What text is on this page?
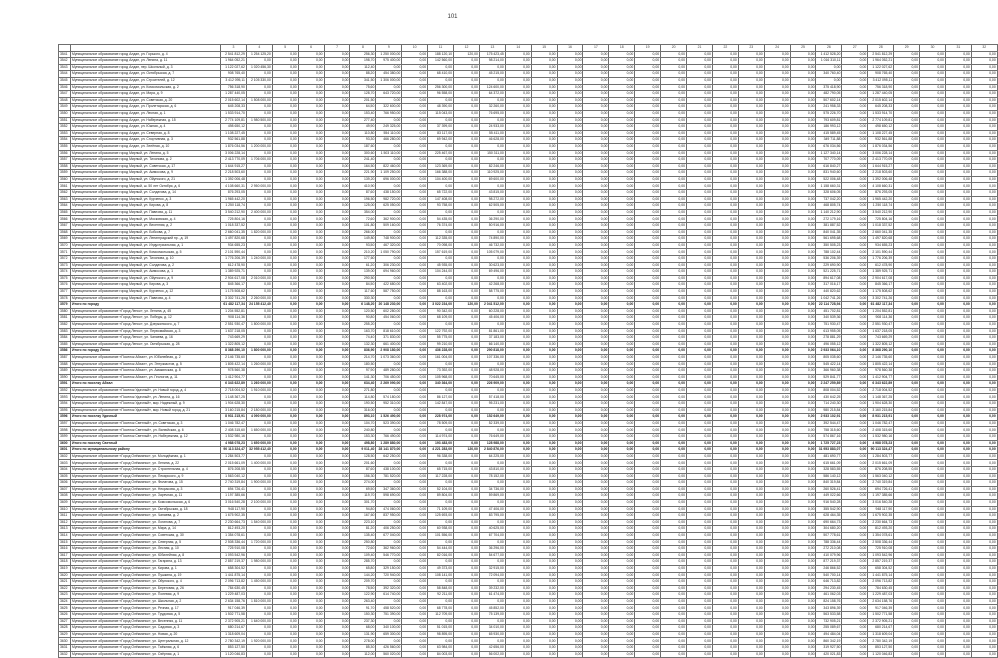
101
		3	4	5	6	7	8	9	10	11	12	13	14	15	16	17	18	19	20	21	22	23	24	25	26	27	28	29	30	31	32
3541	Муниципальное образование город Алдан, ул. Горького, д. 4	2 541 812,29	1 254 125,20	0,00	0,00	0,00	256,30	1 250 000,00	0,00	188 120,10	120,00	175 423,45	0,00	0,00	0,00	0,00	0,00	0,00	0,00	0,00	0,00	0,00	0,00	0,00	1 412 528,20	0,00	2 541 812,29	0,00	0,00	0,00	0,00
3542	Муниципальное образование город Алдан, ул. Ленина, д. 11	1 964 052,21	0,00	0,00	0,00	0,00	198,70	975 400,00	0,00	142 560,00	0,00	98 214,00	0,00	0,00	0,00	0,00	0,00	0,00	0,00	0,00	0,00	0,00	0,00	0,00	1 016 310,11	0,00	1 964 052,21	0,00	0,00	0,00	0,00
3543	Муниципальное образование город Алдан, пер. Школьный, д. 3	1 122 027,62	1 020 456,30	0,00	0,00	0,00	112,40	0,00	0,00	0,00	0,00	0,00	0,00	0,00	0,00	0,00	0,00	0,00	0,00	0,00	0,00	0,00	0,00	0,00	0,00	0,00	1 122 027,62	0,00	0,00	0,00	0,00
3544	Муниципальное образование город Алдан, ул. Октябрьская, д. 7	908 765,40	0,00	0,00	0,00	0,00	88,20	454 380,00	0,00	68 410,00	0,00	45 215,00	0,00	0,00	0,00	0,00	0,00	0,00	0,00	0,00	0,00	0,00	0,00	0,00	340 760,40	0,00	908 765,40	0,00	0,00	0,00	0,00
3545	Муниципальное образование город Алдан, ул. Строителей, д. 12	3 412 095,11	2 105 330,00	0,00	0,00	0,00	341,50	1 306 000,00	0,00	0,00	0,00	0,00	0,00	0,00	0,00	0,00	0,00	0,00	0,00	0,00	0,00	0,00	0,00	0,00	0,00	0,00	3 412 095,11	0,00	0,00	0,00	0,00
3546	Муниципальное образование город Алдан, ул. Комсомольская, д. 2	756 318,90	0,00	0,00	0,00	0,00	75,60	0,00	0,00	256 300,00	0,00	124 600,00	0,00	0,00	0,00	0,00	0,00	0,00	0,00	0,00	0,00	0,00	0,00	0,00	375 418,90	0,00	756 318,90	0,00	0,00	0,00	0,00
3547	Муниципальное образование город Алдан, ул. Мира, д. 9	1 287 440,05	0,00	0,00	0,00	0,00	128,70	643 720,00	0,00	96 558,00	0,00	64 372,00	0,00	0,00	0,00	0,00	0,00	0,00	0,00	0,00	0,00	0,00	0,00	0,00	482 790,05	0,00	1 287 440,05	0,00	0,00	0,00	0,00
3548	Муниципальное образование город Алдан, ул. Советская, д. 20	2 015 602,14	1 508 000,00	0,00	0,00	0,00	201,50	0,00	0,00	0,00	0,00	0,00	0,00	0,00	0,00	0,00	0,00	0,00	0,00	0,00	0,00	0,00	0,00	0,00	507 602,14	0,00	2 015 602,14	0,00	0,00	0,00	0,00
3549	Муниципальное образование город Алдан, ул. Пролетарская, д. 6	645 208,33	0,00	0,00	0,00	0,00	64,50	322 600,00	0,00	48 390,00	0,00	32 260,00	0,00	0,00	0,00	0,00	0,00	0,00	0,00	0,00	0,00	0,00	0,00	0,00	241 958,33	0,00	645 208,33	0,00	0,00	0,00	0,00
3550	Муниципальное образование город Алдан, ул. Лесная, д. 1	1 533 914,70	0,00	0,00	0,00	0,00	153,40	766 950,00	0,00	115 043,00	0,00	76 695,00	0,00	0,00	0,00	0,00	0,00	0,00	0,00	0,00	0,00	0,00	0,00	0,00	575 226,70	0,00	1 533 914,70	0,00	0,00	0,00	0,00
3551	Муниципальное образование город Алдан, ул. Набережная, д. 15	2 774 109,81	1 980 500,00	0,00	0,00	0,00	277,40	0,00	0,00	0,00	0,00	0,00	0,00	0,00	0,00	0,00	0,00	0,00	0,00	0,00	0,00	0,00	0,00	0,00	793 609,81	0,00	2 774 109,81	0,00	0,00	0,00	0,00
3552	Муниципальное образование город Алдан, ул. Южная, д. 4	498 650,12	0,00	0,00	0,00	0,00	49,90	249 325,00	0,00	37 399,00	0,00	24 933,00	0,00	0,00	0,00	0,00	0,00	0,00	0,00	0,00	0,00	0,00	0,00	0,00	186 993,12	0,00	498 650,12	0,00	0,00	0,00	0,00
3553	Муниципальное образование город Алдан, ул. Северная, д. 8	1 108 227,45	0,00	0,00	0,00	0,00	110,80	554 110,00	0,00	83 117,00	0,00	55 411,00	0,00	0,00	0,00	0,00	0,00	0,00	0,00	0,00	0,00	0,00	0,00	0,00	415 589,45	0,00	1 108 227,45	0,00	0,00	0,00	0,00
3554	Муниципальное образование город Алдан, ул. Спортивная, д. 3	932 561,88	0,00	0,00	0,00	0,00	93,30	466 280,00	0,00	69 942,00	0,00	46 628,00	0,00	0,00	0,00	0,00	0,00	0,00	0,00	0,00	0,00	0,00	0,00	0,00	349 711,88	0,00	932 561,88	0,00	0,00	0,00	0,00
3555	Муниципальное образование город Алдан, ул. Зелёная, д. 10	1 876 034,56	1 200 000,00	0,00	0,00	0,00	187,60	0,00	0,00	0,00	0,00	0,00	0,00	0,00	0,00	0,00	0,00	0,00	0,00	0,00	0,00	0,00	0,00	0,00	676 034,56	0,00	1 876 034,56	0,00	0,00	0,00	0,00
3556	Муниципальное образование город Мирный, ул. Ленина, д. 5	3 006 228,14	0,00	0,00	0,00	0,00	300,60	1 503 110,00	0,00	225 467,00	0,00	150 311,00	0,00	0,00	0,00	0,00	0,00	0,00	0,00	0,00	0,00	0,00	0,00	0,00	1 127 340,14	0,00	3 006 228,14	0,00	0,00	0,00	0,00
3557	Муниципальное образование город Мирный, ул. Тихонова, д. 2	2 413 770,09	1 706 000,00	0,00	0,00	0,00	241,40	0,00	0,00	0,00	0,00	0,00	0,00	0,00	0,00	0,00	0,00	0,00	0,00	0,00	0,00	0,00	0,00	0,00	707 770,09	0,00	2 413 770,09	0,00	0,00	0,00	0,00
3558	Муниципальное образование город Мирный, ул. Советская, д. 17	1 644 915,27	0,00	0,00	0,00	0,00	164,50	822 460,00	0,00	123 369,00	0,00	82 246,00	0,00	0,00	0,00	0,00	0,00	0,00	0,00	0,00	0,00	0,00	0,00	0,00	616 840,27	0,00	1 644 915,27	0,00	0,00	0,00	0,00
3559	Муниципальное образование город Мирный, ул. Аммосова, д. 9	2 218 503,60	0,00	0,00	0,00	0,00	221,90	1 109 250,00	0,00	166 388,00	0,00	110 925,00	0,00	0,00	0,00	0,00	0,00	0,00	0,00	0,00	0,00	0,00	0,00	0,00	831 940,60	0,00	2 218 503,60	0,00	0,00	0,00	0,00
3560	Муниципальное образование город Мирный, ул. Ойунского, д. 21	1 392 006,48	0,00	0,00	0,00	0,00	139,20	696 000,00	0,00	104 400,00	0,00	69 600,00	0,00	0,00	0,00	0,00	0,00	0,00	0,00	0,00	0,00	0,00	0,00	0,00	522 006,48	0,00	1 392 006,48	0,00	0,00	0,00	0,00
3561	Муниципальное образование город Мирный, ш. 50 лет Октября, д. 6	4 108 660,31	2 950 000,00	0,00	0,00	0,00	410,90	0,00	0,00	0,00	0,00	0,00	0,00	0,00	0,00	0,00	0,00	0,00	0,00	0,00	0,00	0,00	0,00	0,00	1 158 660,31	0,00	4 108 660,31	0,00	0,00	0,00	0,00
3562	Муниципальное образование город Мирный, ул. Солдатова, д. 14	876 293,05	0,00	0,00	0,00	0,00	87,60	438 150,00	0,00	65 722,00	0,00	43 815,00	0,00	0,00	0,00	0,00	0,00	0,00	0,00	0,00	0,00	0,00	0,00	0,00	328 606,05	0,00	876 293,05	0,00	0,00	0,00	0,00
3563	Муниципальное образование город Мирный, ул. Курченко, д. 3	1 965 442,20	0,00	0,00	0,00	0,00	196,50	982 720,00	0,00	147 408,00	0,00	98 272,00	0,00	0,00	0,00	0,00	0,00	0,00	0,00	0,00	0,00	0,00	0,00	0,00	737 042,20	0,00	1 965 442,20	0,00	0,00	0,00	0,00
3564	Муниципальное образование город Мирный, ул. Кирова, д. 8	1 250 118,74	0,00	0,00	0,00	0,00	125,00	625 050,00	0,00	93 758,00	0,00	62 505,00	0,00	0,00	0,00	0,00	0,00	0,00	0,00	0,00	0,00	0,00	0,00	0,00	468 805,74	0,00	1 250 118,74	0,00	0,00	0,00	0,00
3565	Муниципальное образование город Мирный, ул. Павлова, д. 11	3 540 212,90	2 400 000,00	0,00	0,00	0,00	354,00	0,00	0,00	0,00	0,00	0,00	0,00	0,00	0,00	0,00	0,00	0,00	0,00	0,00	0,00	0,00	0,00	0,00	1 140 212,90	0,00	3 540 212,90	0,00	0,00	0,00	0,00
3566	Муниципальное образование город Мирный, ул. Московская, д. 4	725 804,16	0,00	0,00	0,00	0,00	72,60	362 900,00	0,00	54 435,00	0,00	36 290,00	0,00	0,00	0,00	0,00	0,00	0,00	0,00	0,00	0,00	0,00	0,00	0,00	272 179,16	0,00	725 804,16	0,00	0,00	0,00	0,00
3567	Муниципальное образование город Мирный, ул. Весенняя, д. 2	1 018 337,52	0,00	0,00	0,00	0,00	101,80	509 160,00	0,00	76 374,00	0,00	50 916,00	0,00	0,00	0,00	0,00	0,00	0,00	0,00	0,00	0,00	0,00	0,00	0,00	381 887,52	0,00	1 018 337,52	0,00	0,00	0,00	0,00
3568	Муниципальное образование город Мирный, ул. Бобкова, д. 7	2 660 041,35	1 820 000,00	0,00	0,00	0,00	266,00	0,00	0,00	0,00	0,00	0,00	0,00	0,00	0,00	0,00	0,00	0,00	0,00	0,00	0,00	0,00	0,00	0,00	840 041,35	0,00	2 660 041,35	0,00	0,00	0,00	0,00
3569	Муниципальное образование город Мирный, ул. Ленинградский пр., д. 19	1 497 820,68	0,00	0,00	0,00	0,00	149,80	748 900,00	0,00	112 335,00	0,00	74 890,00	0,00	0,00	0,00	0,00	0,00	0,00	0,00	0,00	0,00	0,00	0,00	0,00	561 695,68	0,00	1 497 820,68	0,00	0,00	0,00	0,00
3570	Муниципальное образование город Мирный, ул. Индустриальная, д. 1	934 655,23	0,00	0,00	0,00	0,00	93,50	467 320,00	0,00	70 098,00	0,00	46 732,00	0,00	0,00	0,00	0,00	0,00	0,00	0,00	0,00	0,00	0,00	0,00	0,00	350 505,23	0,00	934 655,23	0,00	0,00	0,00	0,00
3571	Муниципальное образование город Мирный, ул. Комсомольская, д. 5	2 101 590,44	0,00	0,00	0,00	0,00	210,20	1 050 790,00	0,00	157 619,00	0,00	105 079,00	0,00	0,00	0,00	0,00	0,00	0,00	0,00	0,00	0,00	0,00	0,00	0,00	788 102,44	0,00	2 101 590,44	0,00	0,00	0,00	0,00
3572	Муниципальное образование город Мирный, ул. Тихонова, д. 10	1 776 206,39	1 240 000,00	0,00	0,00	0,00	177,60	0,00	0,00	0,00	0,00	0,00	0,00	0,00	0,00	0,00	0,00	0,00	0,00	0,00	0,00	0,00	0,00	0,00	536 206,39	0,00	1 776 206,39	0,00	0,00	0,00	0,00
3573	Муниципальное образование город Мирный, ул. Солдатова, д. 2	612 478,90	0,00	0,00	0,00	0,00	61,20	306 230,00	0,00	45 935,00	0,00	30 623,00	0,00	0,00	0,00	0,00	0,00	0,00	0,00	0,00	0,00	0,00	0,00	0,00	229 690,90	0,00	612 478,90	0,00	0,00	0,00	0,00
3574	Муниципальное образование город Мирный, ул. Аммосова, д. 1	1 389 925,71	0,00	0,00	0,00	0,00	139,00	694 960,00	0,00	104 244,00	0,00	69 496,00	0,00	0,00	0,00	0,00	0,00	0,00	0,00	0,00	0,00	0,00	0,00	0,00	521 225,71	0,00	1 389 925,71	0,00	0,00	0,00	0,00
3575	Муниципальное образование город Мирный, ул. Ойунского, д. 9	2 904 617,08	2 010 000,00	0,00	0,00	0,00	290,50	0,00	0,00	0,00	0,00	0,00	0,00	0,00	0,00	0,00	0,00	0,00	0,00	0,00	0,00	0,00	0,00	0,00	894 617,08	0,00	2 904 617,08	0,00	0,00	0,00	0,00
3576	Муниципальное образование город Мирный, ул. Кирова, д. 3	845 366,17	0,00	0,00	0,00	0,00	84,50	422 680,00	0,00	63 402,00	0,00	42 268,00	0,00	0,00	0,00	0,00	0,00	0,00	0,00	0,00	0,00	0,00	0,00	0,00	317 016,17	0,00	845 366,17	0,00	0,00	0,00	0,00
3577	Муниципальное образование город Мирный, ул. Курченко, д. 12	1 175 508,62	0,00	0,00	0,00	0,00	117,60	587 750,00	0,00	88 163,00	0,00	58 775,00	0,00	0,00	0,00	0,00	0,00	0,00	0,00	0,00	0,00	0,00	0,00	0,00	440 820,62	0,00	1 175 508,62	0,00	0,00	0,00	0,00
3578	Муниципальное образование город Мирный, ул. Павлова, д. 4	3 302 741,26	2 260 000,00	0,00	0,00	0,00	330,30	0,00	0,00	0,00	0,00	0,00	0,00	0,00	0,00	0,00	0,00	0,00	0,00	0,00	0,00	0,00	0,00	0,00	1 042 741,26	0,00	3 302 741,26	0,00	0,00	0,00	0,00
3579	Итого по городу	61 482 117,34	24 155 412,40	0,00	0,00	0,00	6 148,20	20 148 230,00	0,00	3 022 234,00	120,00	2 041 512,00	0,00	0,00	0,00	0,00	0,00	0,00	0,00	0,00	0,00	0,00	0,00	0,00	22 114 728,94	0,00	61 482 117,34	0,00	0,00	0,00	0,00
3580	Муниципальное образование «Город Ленск», ул. Ленина, д. 45	1 204 552,81	0,00	0,00	0,00	0,00	120,50	602 280,00	0,00	90 342,00	0,00	60 228,00	0,00	0,00	0,00	0,00	0,00	0,00	0,00	0,00	0,00	0,00	0,00	0,00	451 702,81	0,00	1 204 552,81	0,00	0,00	0,00	0,00
3581	Муниципальное образование «Город Ленск», ул. Победы, д. 12	908 114,36	0,00	0,00	0,00	0,00	90,80	454 060,00	0,00	68 109,00	0,00	45 406,00	0,00	0,00	0,00	0,00	0,00	0,00	0,00	0,00	0,00	0,00	0,00	0,00	340 539,36	0,00	908 114,36	0,00	0,00	0,00	0,00
3582	Муниципальное образование «Город Ленск», ул. Дзержинского, д. 7	2 551 930,47	1 800 000,00	0,00	0,00	0,00	255,20	0,00	0,00	0,00	0,00	0,00	0,00	0,00	0,00	0,00	0,00	0,00	0,00	0,00	0,00	0,00	0,00	0,00	751 930,47	0,00	2 551 930,47	0,00	0,00	0,00	0,00
3583	Муниципальное образование «Город Ленск», ул. Первомайская, д. 3	1 637 218,05	0,00	0,00	0,00	0,00	163,70	818 610,00	0,00	122 792,00	0,00	81 861,00	0,00	0,00	0,00	0,00	0,00	0,00	0,00	0,00	0,00	0,00	0,00	0,00	613 955,05	0,00	1 637 218,05	0,00	0,00	0,00	0,00
3584	Муниципальное образование «Город Ленск», ул. Чапаева, д. 16	743 669,29	0,00	0,00	0,00	0,00	74,40	371 830,00	0,00	55 775,00	0,00	37 183,00	0,00	0,00	0,00	0,00	0,00	0,00	0,00	0,00	0,00	0,00	0,00	0,00	278 881,29	0,00	743 669,29	0,00	0,00	0,00	0,00
3585	Муниципальное образование «Город Ленск», ул. Октябрьская, д. 28	1 322 805,12	0,00	0,00	0,00	0,00	132,30	661 400,00	0,00	99 210,00	0,00	66 140,00	0,00	0,00	0,00	0,00	0,00	0,00	0,00	0,00	0,00	0,00	0,00	0,00	496 055,12	0,00	1 322 805,12	0,00	0,00	0,00	0,00
3586	Итого по городу Ленск	8 368 290,10	1 800 000,00	0,00	0,00	0,00	836,90	2 908 180,00	0,00	436 228,00	0,00	290 818,00	0,00	0,00	0,00	0,00	0,00	0,00	0,00	0,00	0,00	0,00	0,00	0,00	2 933 064,10	0,00	8 368 290,10	0,00	0,00	0,00	0,00
3587	Муниципальное образование «Поселок Айхал», ул. Юбилейная, д. 2	2 146 735,60	0,00	0,00	0,00	0,00	214,70	1 073 360,00	0,00	161 004,00	0,00	107 336,00	0,00	0,00	0,00	0,00	0,00	0,00	0,00	0,00	0,00	0,00	0,00	0,00	805 035,60	0,00	2 146 735,60	0,00	0,00	0,00	0,00
3588	Муниципальное образование «Поселок Айхал», ул. Энтузиастов, д. 5	1 805 422,14	1 260 000,00	0,00	0,00	0,00	180,50	0,00	0,00	0,00	0,00	0,00	0,00	0,00	0,00	0,00	0,00	0,00	0,00	0,00	0,00	0,00	0,00	0,00	545 422,14	0,00	1 805 422,14	0,00	0,00	0,00	0,00
3589	Муниципальное образование «Поселок Айхал», ул. Амакинская, д. 8	978 560,38	0,00	0,00	0,00	0,00	97,90	489 280,00	0,00	73 392,00	0,00	48 928,00	0,00	0,00	0,00	0,00	0,00	0,00	0,00	0,00	0,00	0,00	0,00	0,00	366 960,38	0,00	978 560,38	0,00	0,00	0,00	0,00
3590	Муниципальное образование «Поселок Айхал», ул. Геологов, д. 11	1 412 904,77	0,00	0,00	0,00	0,00	141,30	706 450,00	0,00	105 968,00	0,00	70 645,00	0,00	0,00	0,00	0,00	0,00	0,00	0,00	0,00	0,00	0,00	0,00	0,00	529 841,77	0,00	1 412 904,77	0,00	0,00	0,00	0,00
3591	Итого по поселку Айхал	6 343 622,89	1 260 000,00	0,00	0,00	0,00	634,40	2 269 090,00	0,00	340 364,00	0,00	226 909,00	0,00	0,00	0,00	0,00	0,00	0,00	0,00	0,00	0,00	0,00	0,00	0,00	2 247 259,89	0,00	6 343 622,89	0,00	0,00	0,00	0,00
3592	Муниципальное образование «Поселок Удачный», ул. Новый город, д. 4	2 718 004,52	1 910 000,00	0,00	0,00	0,00	271,80	0,00	0,00	0,00	0,00	0,00	0,00	0,00	0,00	0,00	0,00	0,00	0,00	0,00	0,00	0,00	0,00	0,00	808 004,52	0,00	2 718 004,52	0,00	0,00	0,00	0,00
3593	Муниципальное образование «Поселок Удачный», ул. Ленина, д. 16	1 148 367,25	0,00	0,00	0,00	0,00	114,80	574 180,00	0,00	86 127,00	0,00	57 418,00	0,00	0,00	0,00	0,00	0,00	0,00	0,00	0,00	0,00	0,00	0,00	0,00	430 642,25	0,00	1 148 367,25	0,00	0,00	0,00	0,00
3594	Муниципальное образование «Поселок Удачный», мкр. Надежный, д. 9	1 904 628,30	0,00	0,00	0,00	0,00	190,50	952 310,00	0,00	142 847,00	0,00	95 231,00	0,00	0,00	0,00	0,00	0,00	0,00	0,00	0,00	0,00	0,00	0,00	0,00	714 240,30	0,00	1 904 628,30	0,00	0,00	0,00	0,00
3595	Муниципальное образование «Поселок Удачный», мкр. Новый город, д. 21	3 160 215,84	2 180 000,00	0,00	0,00	0,00	316,00	0,00	0,00	0,00	0,00	0,00	0,00	0,00	0,00	0,00	0,00	0,00	0,00	0,00	0,00	0,00	0,00	0,00	980 215,84	0,00	3 160 215,84	0,00	0,00	0,00	0,00
3596	Итого по поселку Удачный	8 931 215,91	4 090 000,00	0,00	0,00	0,00	893,10	1 526 490,00	0,00	228 974,00	0,00	152 649,00	0,00	0,00	0,00	0,00	0,00	0,00	0,00	0,00	0,00	0,00	0,00	0,00	2 933 102,91	0,00	8 931 215,91	0,00	0,00	0,00	0,00
3597	Муниципальное образование «Поселок Светлый», ул. Советская, д. 3	1 046 782,47	0,00	0,00	0,00	0,00	104,70	523 390,00	0,00	78 509,00	0,00	52 339,00	0,00	0,00	0,00	0,00	0,00	0,00	0,00	0,00	0,00	0,00	0,00	0,00	392 544,47	0,00	1 046 782,47	0,00	0,00	0,00	0,00
3598	Муниципальное образование «Поселок Светлый», ул. Вилюйская, д. 6	2 408 315,60	1 650 000,00	0,00	0,00	0,00	240,80	0,00	0,00	0,00	0,00	0,00	0,00	0,00	0,00	0,00	0,00	0,00	0,00	0,00	0,00	0,00	0,00	0,00	758 315,60	0,00	2 408 315,60	0,00	0,00	0,00	0,00
3599	Муниципальное образование «Поселок Светлый», ул. Набережная, д. 12	1 532 980,16	0,00	0,00	0,00	0,00	153,30	766 490,00	0,00	114 974,00	0,00	76 649,00	0,00	0,00	0,00	0,00	0,00	0,00	0,00	0,00	0,00	0,00	0,00	0,00	574 867,16	0,00	1 532 980,16	0,00	0,00	0,00	0,00
3600	Итого по поселку Светлый	4 988 078,23	1 650 000,00	0,00	0,00	0,00	498,80	1 289 880,00	0,00	193 483,00	0,00	128 988,00	0,00	0,00	0,00	0,00	0,00	0,00	0,00	0,00	0,00	0,00	0,00	0,00	1 725 727,23	0,00	4 988 078,23	0,00	0,00	0,00	0,00
3601	Итого по муниципальному району	90 113 324,47	32 955 412,40	0,00	0,00	0,00	9 011,40	28 141 870,00	0,00	4 221 283,00	120,00	2 840 876,00	0,00	0,00	0,00	0,00	0,00	0,00	0,00	0,00	0,00	0,00	0,00	0,00	31 953 883,07	0,00	90 113 324,47	0,00	0,00	0,00	0,00
3602	Муниципальное образование «Город Олёкминск», ул. Молодёжная, д. 1	1 284 503,77	0,00	0,00	0,00	0,00	128,50	642 250,00	0,00	96 338,00	0,00	64 225,00	0,00	0,00	0,00	0,00	0,00	0,00	0,00	0,00	0,00	0,00	0,00	0,00	481 690,77	0,00	1 284 503,77	0,00	0,00	0,00	0,00
3603	Муниципальное образование «Город Олёкминск», ул. Ленина, д. 22	2 015 661,09	1 400 000,00	0,00	0,00	0,00	201,60	0,00	0,00	0,00	0,00	0,00	0,00	0,00	0,00	0,00	0,00	0,00	0,00	0,00	0,00	0,00	0,00	0,00	615 661,09	0,00	2 015 661,09	0,00	0,00	0,00	0,00
3604	Муниципальное образование «Город Олёкминск», ул. Строительная, д. 4	876 208,55	0,00	0,00	0,00	0,00	87,60	438 100,00	0,00	65 715,00	0,00	43 810,00	0,00	0,00	0,00	0,00	0,00	0,00	0,00	0,00	0,00	0,00	0,00	0,00	328 583,55	0,00	876 208,55	0,00	0,00	0,00	0,00
3605	Муниципальное образование «Город Олёкминск», ул. Пекарского, д. 9	1 563 040,12	0,00	0,00	0,00	0,00	156,30	781 520,00	0,00	117 228,00	0,00	78 152,00	0,00	0,00	0,00	0,00	0,00	0,00	0,00	0,00	0,00	0,00	0,00	0,00	586 140,12	0,00	1 563 040,12	0,00	0,00	0,00	0,00
3606	Муниципальное образование «Город Олёкминск», ул. Филатова, д. 15	2 740 319,84	1 900 000,00	0,00	0,00	0,00	274,00	0,00	0,00	0,00	0,00	0,00	0,00	0,00	0,00	0,00	0,00	0,00	0,00	0,00	0,00	0,00	0,00	0,00	840 319,84	0,00	2 740 319,84	0,00	0,00	0,00	0,00
3607	Муниципальное образование «Город Олёкминск», ул. Некрасова, д. 3	694 726,41	0,00	0,00	0,00	0,00	69,50	347 360,00	0,00	52 104,00	0,00	34 736,00	0,00	0,00	0,00	0,00	0,00	0,00	0,00	0,00	0,00	0,00	0,00	0,00	260 526,41	0,00	694 726,41	0,00	0,00	0,00	0,00
3608	Муниципальное образование «Город Олёкминск», ул. Заречная, д. 11	1 197 385,66	0,00	0,00	0,00	0,00	119,70	598 690,00	0,00	89 804,00	0,00	59 869,00	0,00	0,00	0,00	0,00	0,00	0,00	0,00	0,00	0,00	0,00	0,00	0,00	449 022,66	0,00	1 197 385,66	0,00	0,00	0,00	0,00
3609	Муниципальное образование «Город Олёкминск», ул. Комсомольская, д. 6	3 016 540,28	2 100 000,00	0,00	0,00	0,00	301,70	0,00	0,00	0,00	0,00	0,00	0,00	0,00	0,00	0,00	0,00	0,00	0,00	0,00	0,00	0,00	0,00	0,00	916 540,28	0,00	3 016 540,28	0,00	0,00	0,00	0,00
3610	Муниципальное образование «Город Олёкминск», ул. Октябрьская, д. 18	948 117,90	0,00	0,00	0,00	0,00	94,80	474 060,00	0,00	71 109,00	0,00	47 406,00	0,00	0,00	0,00	0,00	0,00	0,00	0,00	0,00	0,00	0,00	0,00	0,00	355 542,90	0,00	948 117,90	0,00	0,00	0,00	0,00
3611	Муниципальное образование «Город Олёкминск», ул. Чапаева, д. 2	1 675 902,35	0,00	0,00	0,00	0,00	167,60	837 950,00	0,00	125 693,00	0,00	83 795,00	0,00	0,00	0,00	0,00	0,00	0,00	0,00	0,00	0,00	0,00	0,00	0,00	628 464,35	0,00	1 675 902,35	0,00	0,00	0,00	0,00
3612	Муниципальное образование «Город Олёкминск», ул. Логинова, д. 7	2 230 664,73	1 540 000,00	0,00	0,00	0,00	223,10	0,00	0,00	0,00	0,00	0,00	0,00	0,00	0,00	0,00	0,00	0,00	0,00	0,00	0,00	0,00	0,00	0,00	690 664,73	0,00	2 230 664,73	0,00	0,00	0,00	0,00
3613	Муниципальное образование «Город Олёкминск», ул. Мира, д. 14	812 493,20	0,00	0,00	0,00	0,00	81,20	406 250,00	0,00	60 938,00	0,00	40 625,00	0,00	0,00	0,00	0,00	0,00	0,00	0,00	0,00	0,00	0,00	0,00	0,00	304 680,20	0,00	812 493,20	0,00	0,00	0,00	0,00
3614	Муниципальное образование «Город Олёкминск», ул. Советская, д. 30	1 354 078,61	0,00	0,00	0,00	0,00	135,40	677 040,00	0,00	101 556,00	0,00	67 704,00	0,00	0,00	0,00	0,00	0,00	0,00	0,00	0,00	0,00	0,00	0,00	0,00	507 778,61	0,00	1 354 078,61	0,00	0,00	0,00	0,00
3615	Муниципальное образование «Город Олёкминск», ул. Северная, д. 5	2 508 336,44	1 720 000,00	0,00	0,00	0,00	250,80	0,00	0,00	0,00	0,00	0,00	0,00	0,00	0,00	0,00	0,00	0,00	0,00	0,00	0,00	0,00	0,00	0,00	788 336,44	0,00	2 508 336,44	0,00	0,00	0,00	0,00
3616	Муниципальное образование «Город Олёкминск», ул. Лесная, д. 10	725 910,08	0,00	0,00	0,00	0,00	72,60	362 960,00	0,00	54 444,00	0,00	36 296,00	0,00	0,00	0,00	0,00	0,00	0,00	0,00	0,00	0,00	0,00	0,00	0,00	272 210,08	0,00	725 910,08	0,00	0,00	0,00	0,00
3617	Муниципальное образование «Город Олёкминск», ул. Юбилейная, д. 8	1 093 542,96	0,00	0,00	0,00	0,00	109,40	546 770,00	0,00	82 016,00	0,00	54 677,00	0,00	0,00	0,00	0,00	0,00	0,00	0,00	0,00	0,00	0,00	0,00	0,00	410 079,96	0,00	1 093 542,96	0,00	0,00	0,00	0,00
3618	Муниципальное образование «Город Олёкминск», ул. Гагарина, д. 13	2 857 219,37	1 980 000,00	0,00	0,00	0,00	285,70	0,00	0,00	0,00	0,00	0,00	0,00	0,00	0,00	0,00	0,00	0,00	0,00	0,00	0,00	0,00	0,00	0,00	877 219,37	0,00	2 857 219,37	0,00	0,00	0,00	0,00
3619	Муниципальное образование «Город Олёкминск», ул. Кирова, д. 1	658 304,52	0,00	0,00	0,00	0,00	65,80	329 150,00	0,00	49 373,00	0,00	32 915,00	0,00	0,00	0,00	0,00	0,00	0,00	0,00	0,00	0,00	0,00	0,00	0,00	246 866,52	0,00	658 304,52	0,00	0,00	0,00	0,00
3620	Муниципальное образование «Город Олёкминск», ул. Пушкина, д. 19	1 441 875,14	0,00	0,00	0,00	0,00	144,20	720 940,00	0,00	108 141,00	0,00	72 094,00	0,00	0,00	0,00	0,00	0,00	0,00	0,00	0,00	0,00	0,00	0,00	0,00	540 700,14	0,00	1 441 875,14	0,00	0,00	0,00	0,00
3621	Муниципальное образование «Город Олёкминск», ул. Ойунского, д. 4	2 096 713,82	1 450 000,00	0,00	0,00	0,00	209,70	0,00	0,00	0,00	0,00	0,00	0,00	0,00	0,00	0,00	0,00	0,00	0,00	0,00	0,00	0,00	0,00	0,00	646 713,82	0,00	2 096 713,82	0,00	0,00	0,00	0,00
3622	Муниципальное образование «Город Олёкминск», ул. Береговая, д. 26	784 630,45	0,00	0,00	0,00	0,00	78,50	392 320,00	0,00	58 848,00	0,00	39 232,00	0,00	0,00	0,00	0,00	0,00	0,00	0,00	0,00	0,00	0,00	0,00	0,00	294 230,45	0,00	784 630,45	0,00	0,00	0,00	0,00
3623	Муниципальное образование «Город Олёкминск», ул. Полевая, д. 9	1 229 487,03	0,00	0,00	0,00	0,00	122,90	614 740,00	0,00	92 211,00	0,00	61 474,00	0,00	0,00	0,00	0,00	0,00	0,00	0,00	0,00	0,00	0,00	0,00	0,00	461 062,03	0,00	1 229 487,03	0,00	0,00	0,00	0,00
3624	Муниципальное образование «Город Олёкминск», ул. Школьная, д. 2	2 634 158,76	1 810 000,00	0,00	0,00	0,00	263,40	0,00	0,00	0,00	0,00	0,00	0,00	0,00	0,00	0,00	0,00	0,00	0,00	0,00	0,00	0,00	0,00	0,00	824 158,76	0,00	2 634 158,76	0,00	0,00	0,00	0,00
3625	Муниципальное образование «Город Олёкминск», ул. Речная, д. 17	917 046,39	0,00	0,00	0,00	0,00	91,70	458 520,00	0,00	68 778,00	0,00	45 852,00	0,00	0,00	0,00	0,00	0,00	0,00	0,00	0,00	0,00	0,00	0,00	0,00	343 896,39	0,00	917 046,39	0,00	0,00	0,00	0,00
3626	Муниципальное образование «Город Олёкминск», ул. Трудовая, д. 5	1 502 771,58	0,00	0,00	0,00	0,00	150,30	751 390,00	0,00	112 709,00	0,00	75 139,00	0,00	0,00	0,00	0,00	0,00	0,00	0,00	0,00	0,00	0,00	0,00	0,00	563 533,58	0,00	1 502 771,58	0,00	0,00	0,00	0,00
3627	Муниципальное образование «Город Олёкминск», ул. Весенняя, д. 11	2 372 905,21	1 640 000,00	0,00	0,00	0,00	237,30	0,00	0,00	0,00	0,00	0,00	0,00	0,00	0,00	0,00	0,00	0,00	0,00	0,00	0,00	0,00	0,00	0,00	732 905,21	0,00	2 372 905,21	0,00	0,00	0,00	0,00
3628	Муниципальное образование «Город Олёкминск», ул. Садовая, д. 3	680 214,67	0,00	0,00	0,00	0,00	68,00	340 100,00	0,00	51 015,00	0,00	34 010,00	0,00	0,00	0,00	0,00	0,00	0,00	0,00	0,00	0,00	0,00	0,00	0,00	255 089,67	0,00	680 214,67	0,00	0,00	0,00	0,00
3629	Муниципальное образование «Город Олёкминск», ул. Новая, д. 20	1 318 609,04	0,00	0,00	0,00	0,00	131,90	659 300,00	0,00	98 895,00	0,00	65 930,00	0,00	0,00	0,00	0,00	0,00	0,00	0,00	0,00	0,00	0,00	0,00	0,00	494 484,04	0,00	1 318 609,04	0,00	0,00	0,00	0,00
3630	Муниципальное образование «Город Олёкминск», ул. Центральная, д. 12	2 780 342,19	1 920 000,00	0,00	0,00	0,00	278,00	0,00	0,00	0,00	0,00	0,00	0,00	0,00	0,00	0,00	0,00	0,00	0,00	0,00	0,00	0,00	0,00	0,00	860 342,19	0,00	2 780 342,19	0,00	0,00	0,00	0,00
3631	Муниципальное образование «Город Олёкминск», ул. Таёжная, д. 6	853 127,50	0,00	0,00	0,00	0,00	85,30	426 560,00	0,00	63 984,00	0,00	42 656,00	0,00	0,00	0,00	0,00	0,00	0,00	0,00	0,00	0,00	0,00	0,00	0,00	319 927,50	0,00	853 127,50	0,00	0,00	0,00	0,00
3632	Муниципальное образование «Город Олёкминск», ул. Озёрная, д. 1	1 120 046,83	0,00	0,00	0,00	0,00	112,00	560 020,00	0,00	84 003,00	0,00	56 002,00	0,00	0,00	0,00	0,00	0,00	0,00	0,00	0,00	0,00	0,00	0,00	0,00	420 021,83	0,00	1 120 046,83	0,00	0,00	0,00	0,00
